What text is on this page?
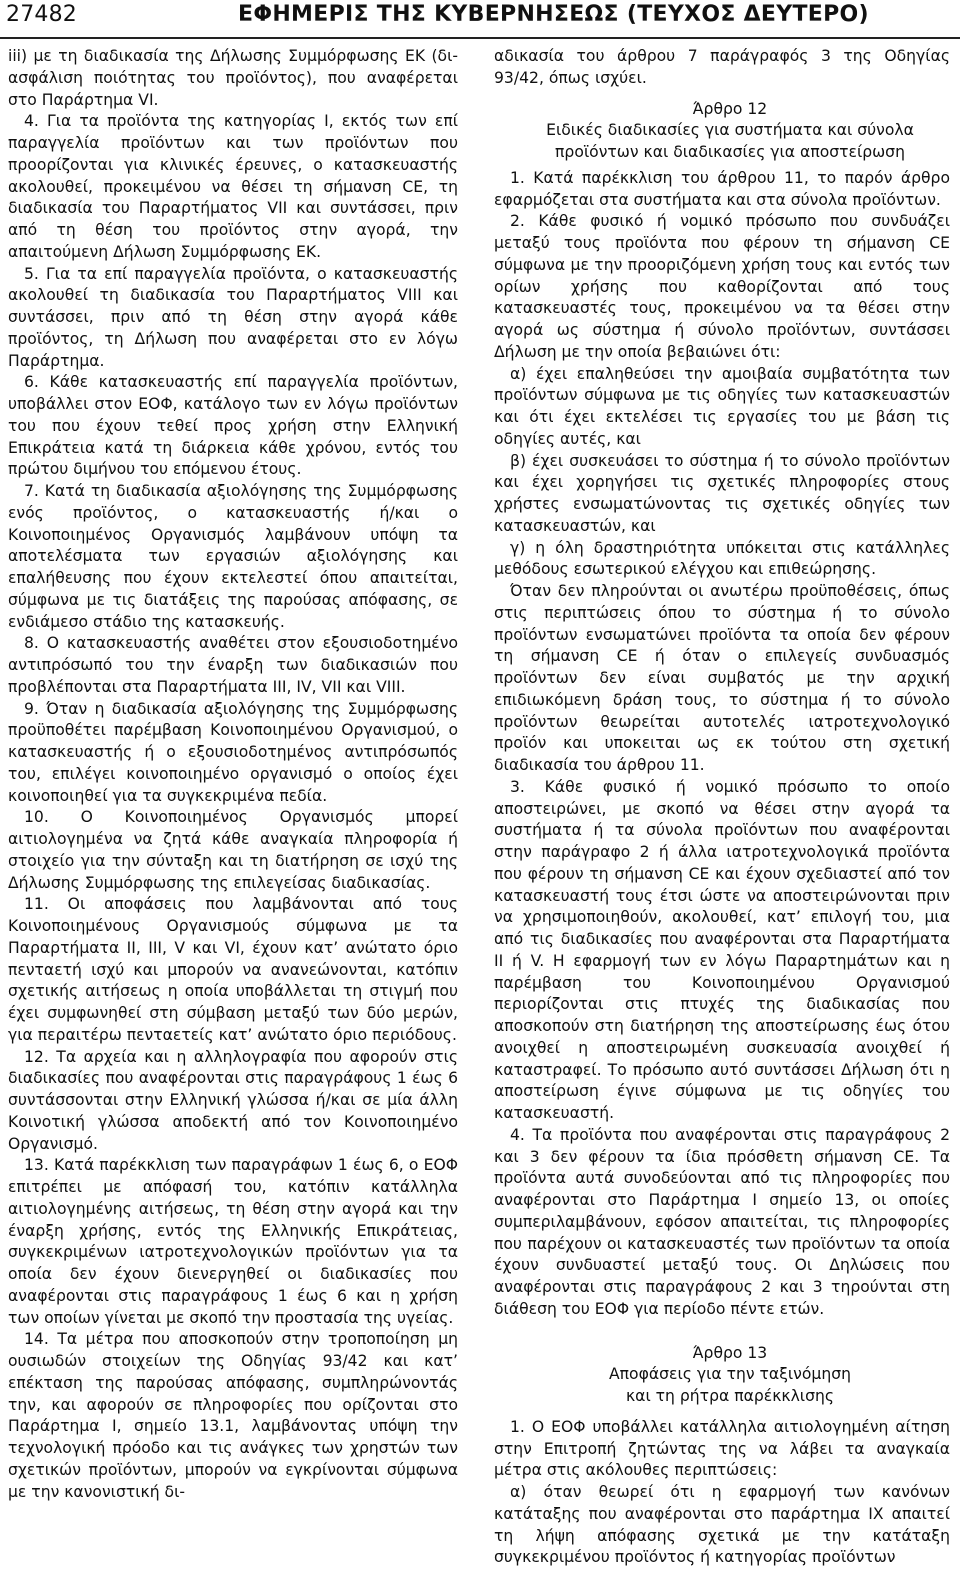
27482	ΕΦΗΜΕΡΙΣ ΤΗΣ ΚΥΒΕΡΝΗΣΕΩΣ (ΤΕΥΧΟΣ ΔΕΥΤΕΡΟ)

iii) με τη διαδικασία της Δήλωσης Συμμόρφωσης ΕΚ (δι-ασφάλιση ποιότητας του προϊόντος), που αναφέρεται στο Παράρτημα VI.

4. Για τα προϊόντα της κατηγορίας Ι, εκτός των επί παραγγελία προϊόντων και των προϊόντων που προορίζονται για κλινικές έρευνες, ο κατασκευαστής ακολουθεί, προκειμένου να θέσει τη σήμανση CE, τη διαδικασία του Παραρτήματος VII και συντάσσει, πριν από τη θέση του προϊόντος στην αγορά, την απαιτούμενη Δήλωση Συμμόρφωσης ΕΚ.

5. Για τα επί παραγγελία προϊόντα, ο κατασκευαστής ακολουθεί τη διαδικασία του Παραρτήματος VIII και συντάσσει, πριν από τη θέση στην αγορά κάθε προϊόντος, τη Δήλωση που αναφέρεται στο εν λόγω Παράρτημα.

6. Κάθε κατασκευαστής επί παραγγελία προϊόντων, υποβάλλει στον ΕΟΦ, κατάλογο των εν λόγω προϊόντων του που έχουν τεθεί προς χρήση στην Ελληνική Επικράτεια κατά τη διάρκεια κάθε χρόνου, εντός του πρώτου διμήνου του επόμενου έτους.

7. Κατά τη διαδικασία αξιολόγησης της Συμμόρφωσης ενός προϊόντος, ο κατασκευαστής ή/και ο Κοινοποιημένος Οργανισμός λαμβάνουν υπόψη τα αποτελέσματα των εργασιών αξιολόγησης και επαλήθευσης που έχουν εκτελεστεί όπου απαιτείται, σύμφωνα με τις διατάξεις της παρούσας απόφασης, σε ενδιάμεσο στάδιο της κατασκευής.

8. Ο κατασκευαστής αναθέτει στον εξουσιοδοτημένο αντιπρόσωπό του την έναρξη των διαδικασιών που προβλέπονται στα Παραρτήματα III, IV, VII και VIII.

9. Όταν η διαδικασία αξιολόγησης της Συμμόρφωσης προϋποθέτει παρέμβαση Κοινοποιημένου Οργανισμού, ο κατασκευαστής ή ο εξουσιοδοτημένος αντιπρόσωπός του, επιλέγει κοινοποιημένο οργανισμό ο οποίος έχει κοινοποιηθεί για τα συγκεκριμένα πεδία.

10. Ο Κοινοποιημένος Οργανισμός μπορεί αιτιολογημένα να ζητά κάθε αναγκαία πληροφορία ή στοιχείο για την σύνταξη και τη διατήρηση σε ισχύ της Δήλωσης Συμμόρφωσης της επιλεγείσας διαδικασίας.

11. Οι αποφάσεις που λαμβάνονται από τους Κοινοποιημένους Οργανισμούς σύμφωνα με τα Παραρτήματα II, III, V και VI, έχουν κατ’ ανώτατο όριο πενταετή ισχύ και μπορούν να ανανεώνονται, κατόπιν σχετικής αιτήσεως η οποία υποβάλλεται τη στιγμή που έχει συμφωνηθεί στη σύμβαση μεταξύ των δύο μερών, για περαιτέρω πενταετείς κατ’ ανώτατο όριο περιόδους.

12. Τα αρχεία και η αλληλογραφία που αφορούν στις διαδικασίες που αναφέρονται στις παραγράφους 1 έως 6 συντάσσονται στην Ελληνική γλώσσα ή/και σε μία άλλη Κοινοτική γλώσσα αποδεκτή από τον Κοινοποιημένο Οργανισμό.

13. Κατά παρέκκλιση των παραγράφων 1 έως 6, ο ΕΟΦ επιτρέπει με απόφασή του, κατόπιν κατάλληλα αιτιολογημένης αιτήσεως, τη θέση στην αγορά και την έναρξη χρήσης, εντός της Ελληνικής Επικράτειας, συγκεκριμένων ιατροτεχνολογικών προϊόντων για τα οποία δεν έχουν διενεργηθεί οι διαδικασίες που αναφέρονται στις παραγράφους 1 έως 6 και η χρήση των οποίων γίνεται με σκοπό την προστασία της υγείας.

14. Τα μέτρα που αποσκοπούν στην τροποποίηση μη ουσιωδών στοιχείων της Οδηγίας 93/42 και κατ’ επέκταση της παρούσας απόφασης, συμπληρώνοντάς την, και αφορούν σε πληροφορίες που ορίζονται στο Παράρτημα I, σημείο 13.1, λαμβάνοντας υπόψη την τεχνολογική πρόοδο και τις ανάγκες των χρηστών των σχετικών προϊόντων, μπορούν να εγκρίνονται σύμφωνα με την κανονιστική δι-

αδικασία του άρθρου 7 παράγραφός 3 της Οδηγίας 93/42, όπως ισχύει.

Άρθρο 12

Ειδικές διαδικασίες για συστήματα και σύνολα

προϊόντων και διαδικασίες για αποστείρωση

1. Κατά παρέκκλιση του άρθρου 11, το παρόν άρθρο εφαρμόζεται στα συστήματα και στα σύνολα προϊόντων.

2. Κάθε φυσικό ή νομικό πρόσωπο που συνδυάζει μεταξύ τους προϊόντα που φέρουν τη σήμανση CE σύμφωνα με την προοριζόμενη χρήση τους και εντός των ορίων χρήσης που καθορίζονται από τους κατασκευαστές τους, προκειμένου να τα θέσει στην αγορά ως σύστημα ή σύνολο προϊόντων, συντάσσει Δήλωση με την οποία βεβαιώνει ότι:

α) έχει επαληθεύσει την αμοιβαία συμβατότητα των προϊόντων σύμφωνα με τις οδηγίες των κατασκευαστών και ότι έχει εκτελέσει τις εργασίες του με βάση τις οδηγίες αυτές, και

β) έχει συσκευάσει το σύστημα ή το σύνολο προϊόντων και έχει χορηγήσει τις σχετικές πληροφορίες στους χρήστες ενσωματώνοντας τις σχετικές οδηγίες των κατασκευαστών, και

γ) η όλη δραστηριότητα υπόκειται στις κατάλληλες μεθόδους εσωτερικού ελέγχου και επιθεώρησης.

Όταν δεν πληρούνται οι ανωτέρω προϋποθέσεις, όπως στις περιπτώσεις όπου το σύστημα ή το σύνολο προϊόντων ενσωματώνει προϊόντα τα οποία δεν φέρουν τη σήμανση CE ή όταν ο επιλεγείς συνδυασμός προϊόντων δεν είναι συμβατός με την αρχική επιδιωκόμενη δράση τους, το σύστημα ή το σύνολο προϊόντων θεωρείται αυτοτελές ιατροτεχνολογικό προϊόν και υποκειται ως εκ τούτου στη σχετική διαδικασία του άρθρου 11.

3. Κάθε φυσικό ή νομικό πρόσωπο το οποίο αποστειρώνει, με σκοπό να θέσει στην αγορά τα συστήματα ή τα σύνολα προϊόντων που αναφέρονται στην παράγραφο 2 ή άλλα ιατροτεχνολογικά προϊόντα που φέρουν τη σήμανση CE και έχουν σχεδιαστεί από τον κατασκευαστή τους έτσι ώστε να αποστειρώνονται πριν να χρησιμοποιηθούν, ακολουθεί, κατ’ επιλογή του, μια από τις διαδικασίες που αναφέρονται στα Παραρτήματα II ή V. Η εφαρμογή των εν λόγω Παραρτημάτων και η παρέμβαση του Κοινοποιημένου Οργανισμού περιορίζονται στις πτυχές της διαδικασίας που αποσκοπούν στη διατήρηση της αποστείρωσης έως ότου ανοιχθεί η αποστειρωμένη συσκευασία ανοιχθεί ή καταστραφεί. Το πρόσωπο αυτό συντάσσει Δήλωση ότι η αποστείρωση έγινε σύμφωνα με τις οδηγίες του κατασκευαστή.

4. Τα προϊόντα που αναφέρονται στις παραγράφους 2 και 3 δεν φέρουν τα ίδια πρόσθετη σήμανση CE. Τα προϊόντα αυτά συνοδεύονται από τις πληροφορίες που αναφέρονται στο Παράρτημα I σημείο 13, οι οποίες συμπεριλαμβάνουν, εφόσον απαιτείται, τις πληροφορίες που παρέχουν οι κατασκευαστές των προϊόντων τα οποία έχουν συνδυαστεί μεταξύ τους. Οι Δηλώσεις που αναφέρονται στις παραγράφους 2 και 3 τηρούνται στη διάθεση του ΕΟΦ για περίοδο πέντε ετών.

Άρθρο 13

Αποφάσεις για την ταξινόμηση

και τη ρήτρα παρέκκλισης

1. Ο ΕΟΦ υποβάλλει κατάλληλα αιτιολογημένη αίτηση στην Επιτροπή ζητώντας της να λάβει τα αναγκαία μέτρα στις ακόλουθες περιπτώσεις:

α) όταν θεωρεί ότι η εφαρμογή των κανόνων κατάταξης που αναφέρονται στο παράρτημα IX απαιτεί τη λήψη απόφασης σχετικά με την κατάταξη συγκεκριμένου προϊόντος ή κατηγορίας προϊόντων
